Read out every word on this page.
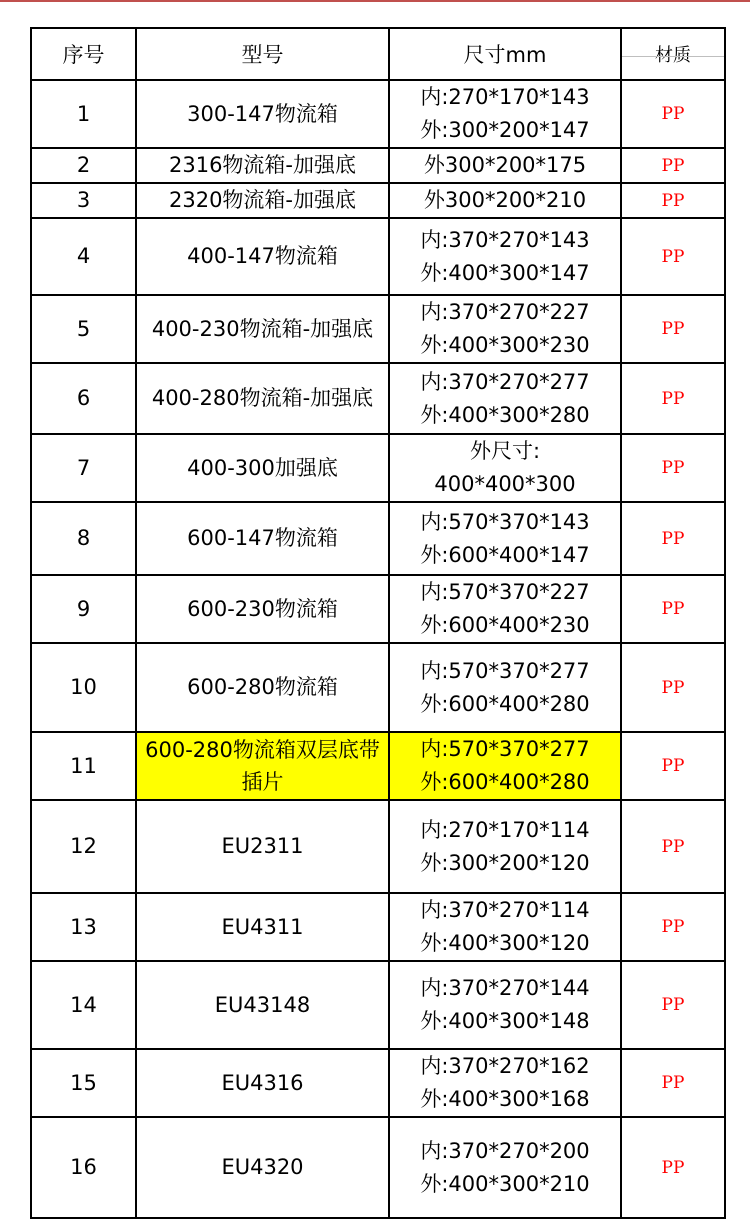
序号	型号	尺寸mm	材质
1	300-147物流箱	内:270*170*143
外:300*200*147	PP
2	2316物流箱-加强底	外300*200*175	PP
3	2320物流箱-加强底	外300*200*210	PP
4	400-147物流箱	内:370*270*143
外:400*300*147	PP
5	400-230物流箱-加强底	内:370*270*227
外:400*300*230	PP
6	400-280物流箱-加强底	内:370*270*277
外:400*300*280	PP
7	400-300加强底	外尺寸:
400*400*300	PP
8	600-147物流箱	内:570*370*143
外:600*400*147	PP
9	600-230物流箱	内:570*370*227
外:600*400*230	PP
10	600-280物流箱	内:570*370*277
外:600*400*280	PP
11	600-280物流箱双层底带插片	内:570*370*277
外:600*400*280	PP
12	EU2311	内:270*170*114
外:300*200*120	PP
13	EU4311	内:370*270*114
外:400*300*120	PP
14	EU43148	内:370*270*144
外:400*300*148	PP
15	EU4316	内:370*270*162
外:400*300*168	PP
16	EU4320	内:370*270*200
外:400*300*210	PP
